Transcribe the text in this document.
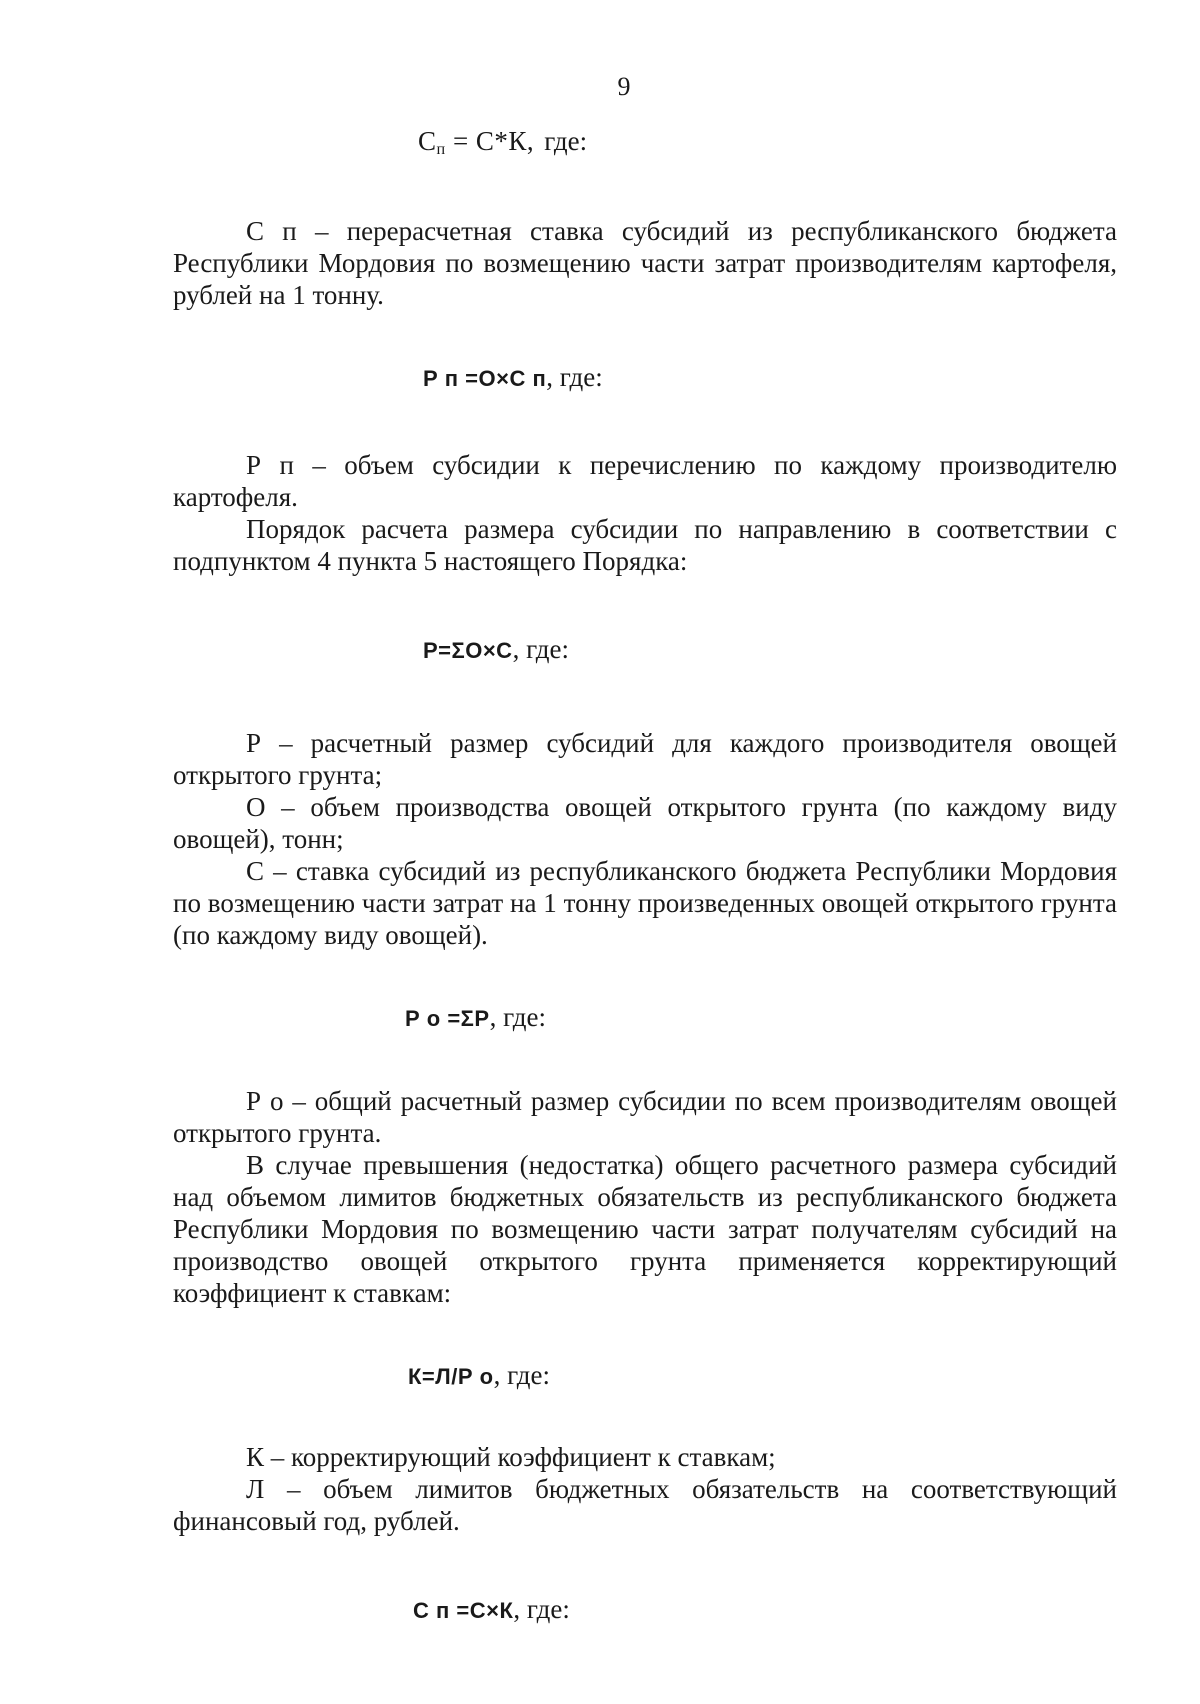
9
$С_п = С*К$, где:

С п – перерасчетная ставка субсидий из республиканского бюджета Республики Мордовия по возмещению части затрат производителям картофеля, рублей на 1 тонну.

Р п =О×С п, где:

Р п – объем субсидии к перечислению по каждому производителю картофеля.

Порядок расчета размера субсидии по направлению в соответствии с подпунктом 4 пункта 5 настоящего Порядка:

Р=ΣО×С, где:

Р – расчетный размер субсидий для каждого производителя овощей открытого грунта;

О – объем производства овощей открытого грунта (по каждому виду овощей), тонн;

С – ставка субсидий из республиканского бюджета Республики Мордовия по возмещению части затрат на 1 тонну произведенных овощей открытого грунта (по каждому виду овощей).

Р о =ΣР, где:

Р о – общий расчетный размер субсидии по всем производителям овощей открытого грунта.

В случае превышения (недостатка) общего расчетного размера субсидий над объемом лимитов бюджетных обязательств из республиканского бюджета Республики Мордовия по возмещению части затрат получателям субсидий на производство овощей открытого грунта применяется корректирующий коэффициент к ставкам:

К=Л/Р о, где:

К – корректирующий коэффициент к ставкам;

Л – объем лимитов бюджетных обязательств на соответствующий финансовый год, рублей.

С п =С×К, где:
